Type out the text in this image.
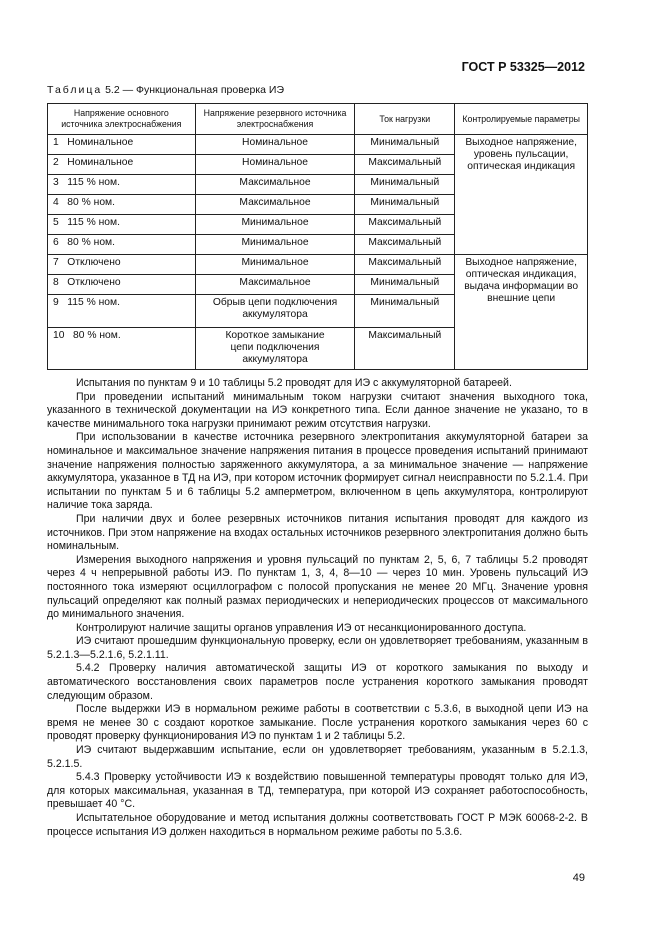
ГОСТ Р 53325—2012
Таблица 5.2 — Функциональная проверка ИЭ
Напряжение основного источника электроснабжения	Напряжение резервного источника электроснабжения	Ток нагрузки	Контролируемые параметры
1   Номинальное	Номинальное	Минимальный	Выходное напряжение, уровень пульсации, оптическая индикация
2   Номинальное	Номинальное	Максимальный	
3   115 % ном.	Максимальное	Минимальный	
4   80 % ном.	Максимальное	Минимальный	
5   115 % ном.	Минимальное	Максимальный	
6   80 % ном.	Минимальное	Максимальный	
7   Отключено	Минимальное	Максимальный	Выходное напряжение, оптическая индикация, выдача информации во внешние цепи
8   Отключено	Максимальное	Минимальный	
9   115 % ном.	Обрыв цепи подключения аккумулятора	Минимальный	
10   80 % ном.	Короткое замыкание цепи подключения аккумулятора	Максимальный	

Испытания по пунктам 9 и 10 таблицы 5.2 проводят для ИЭ с аккумуляторной батареей.

При проведении испытаний минимальным током нагрузки считают значения выходного тока, указанного в технической документации на ИЭ конкретного типа. Если данное значение не указано, то в качестве минимального тока нагрузки принимают режим отсутствия нагрузки.

При использовании в качестве источника резервного электропитания аккумуляторной батареи за номинальное и максимальное значение напряжения питания в процессе проведения испытаний принимают значение напряжения полностью заряженного аккумулятора, а за минимальное значение — напряжение аккумулятора, указанное в ТД на ИЭ, при котором источник формирует сигнал неисправности по 5.2.1.4. При испытании по пунктам 5 и 6 таблицы 5.2 амперметром, включенном в цепь аккумулятора, контролируют наличие тока заряда.

При наличии двух и более резервных источников питания испытания проводят для каждого из источников. При этом напряжение на входах остальных источников резервного электропитания должно быть номинальным.

Измерения выходного напряжения и уровня пульсаций по пунктам 2, 5, 6, 7 таблицы 5.2 проводят через 4 ч непрерывной работы ИЭ. По пунктам 1, 3, 4, 8—10 — через 10 мин. Уровень пульсаций ИЭ постоянного тока измеряют осциллографом с полосой пропускания не менее 20 МГц. Значение уровня пульсаций определяют как полный размах периодических и непериодических процессов от максимального до минимального значения.

Контролируют наличие защиты органов управления ИЭ от несанкционированного доступа.

ИЭ считают прошедшим функциональную проверку, если он удовлетворяет требованиям, указанным в 5.2.1.3—5.2.1.6, 5.2.1.11.

5.4.2 Проверку наличия автоматической защиты ИЭ от короткого замыкания по выходу и автоматического восстановления своих параметров после устранения короткого замыкания проводят следующим образом.

После выдержки ИЭ в нормальном режиме работы в соответствии с 5.3.6, в выходной цепи ИЭ на время не менее 30 с создают короткое замыкание. После устранения короткого замыкания через 60 с проводят проверку функционирования ИЭ по пунктам 1 и 2 таблицы 5.2.

ИЭ считают выдержавшим испытание, если он удовлетворяет требованиям, указанным в 5.2.1.3, 5.2.1.5.

5.4.3 Проверку устойчивости ИЭ к воздействию повышенной температуры проводят только для ИЭ, для которых максимальная, указанная в ТД, температура, при которой ИЭ сохраняет работоспособность, превышает 40 °С.

Испытательное оборудование и метод испытания должны соответствовать ГОСТ Р МЭК 60068-2-2. В процессе испытания ИЭ должен находиться в нормальном режиме работы по 5.3.6.

49
